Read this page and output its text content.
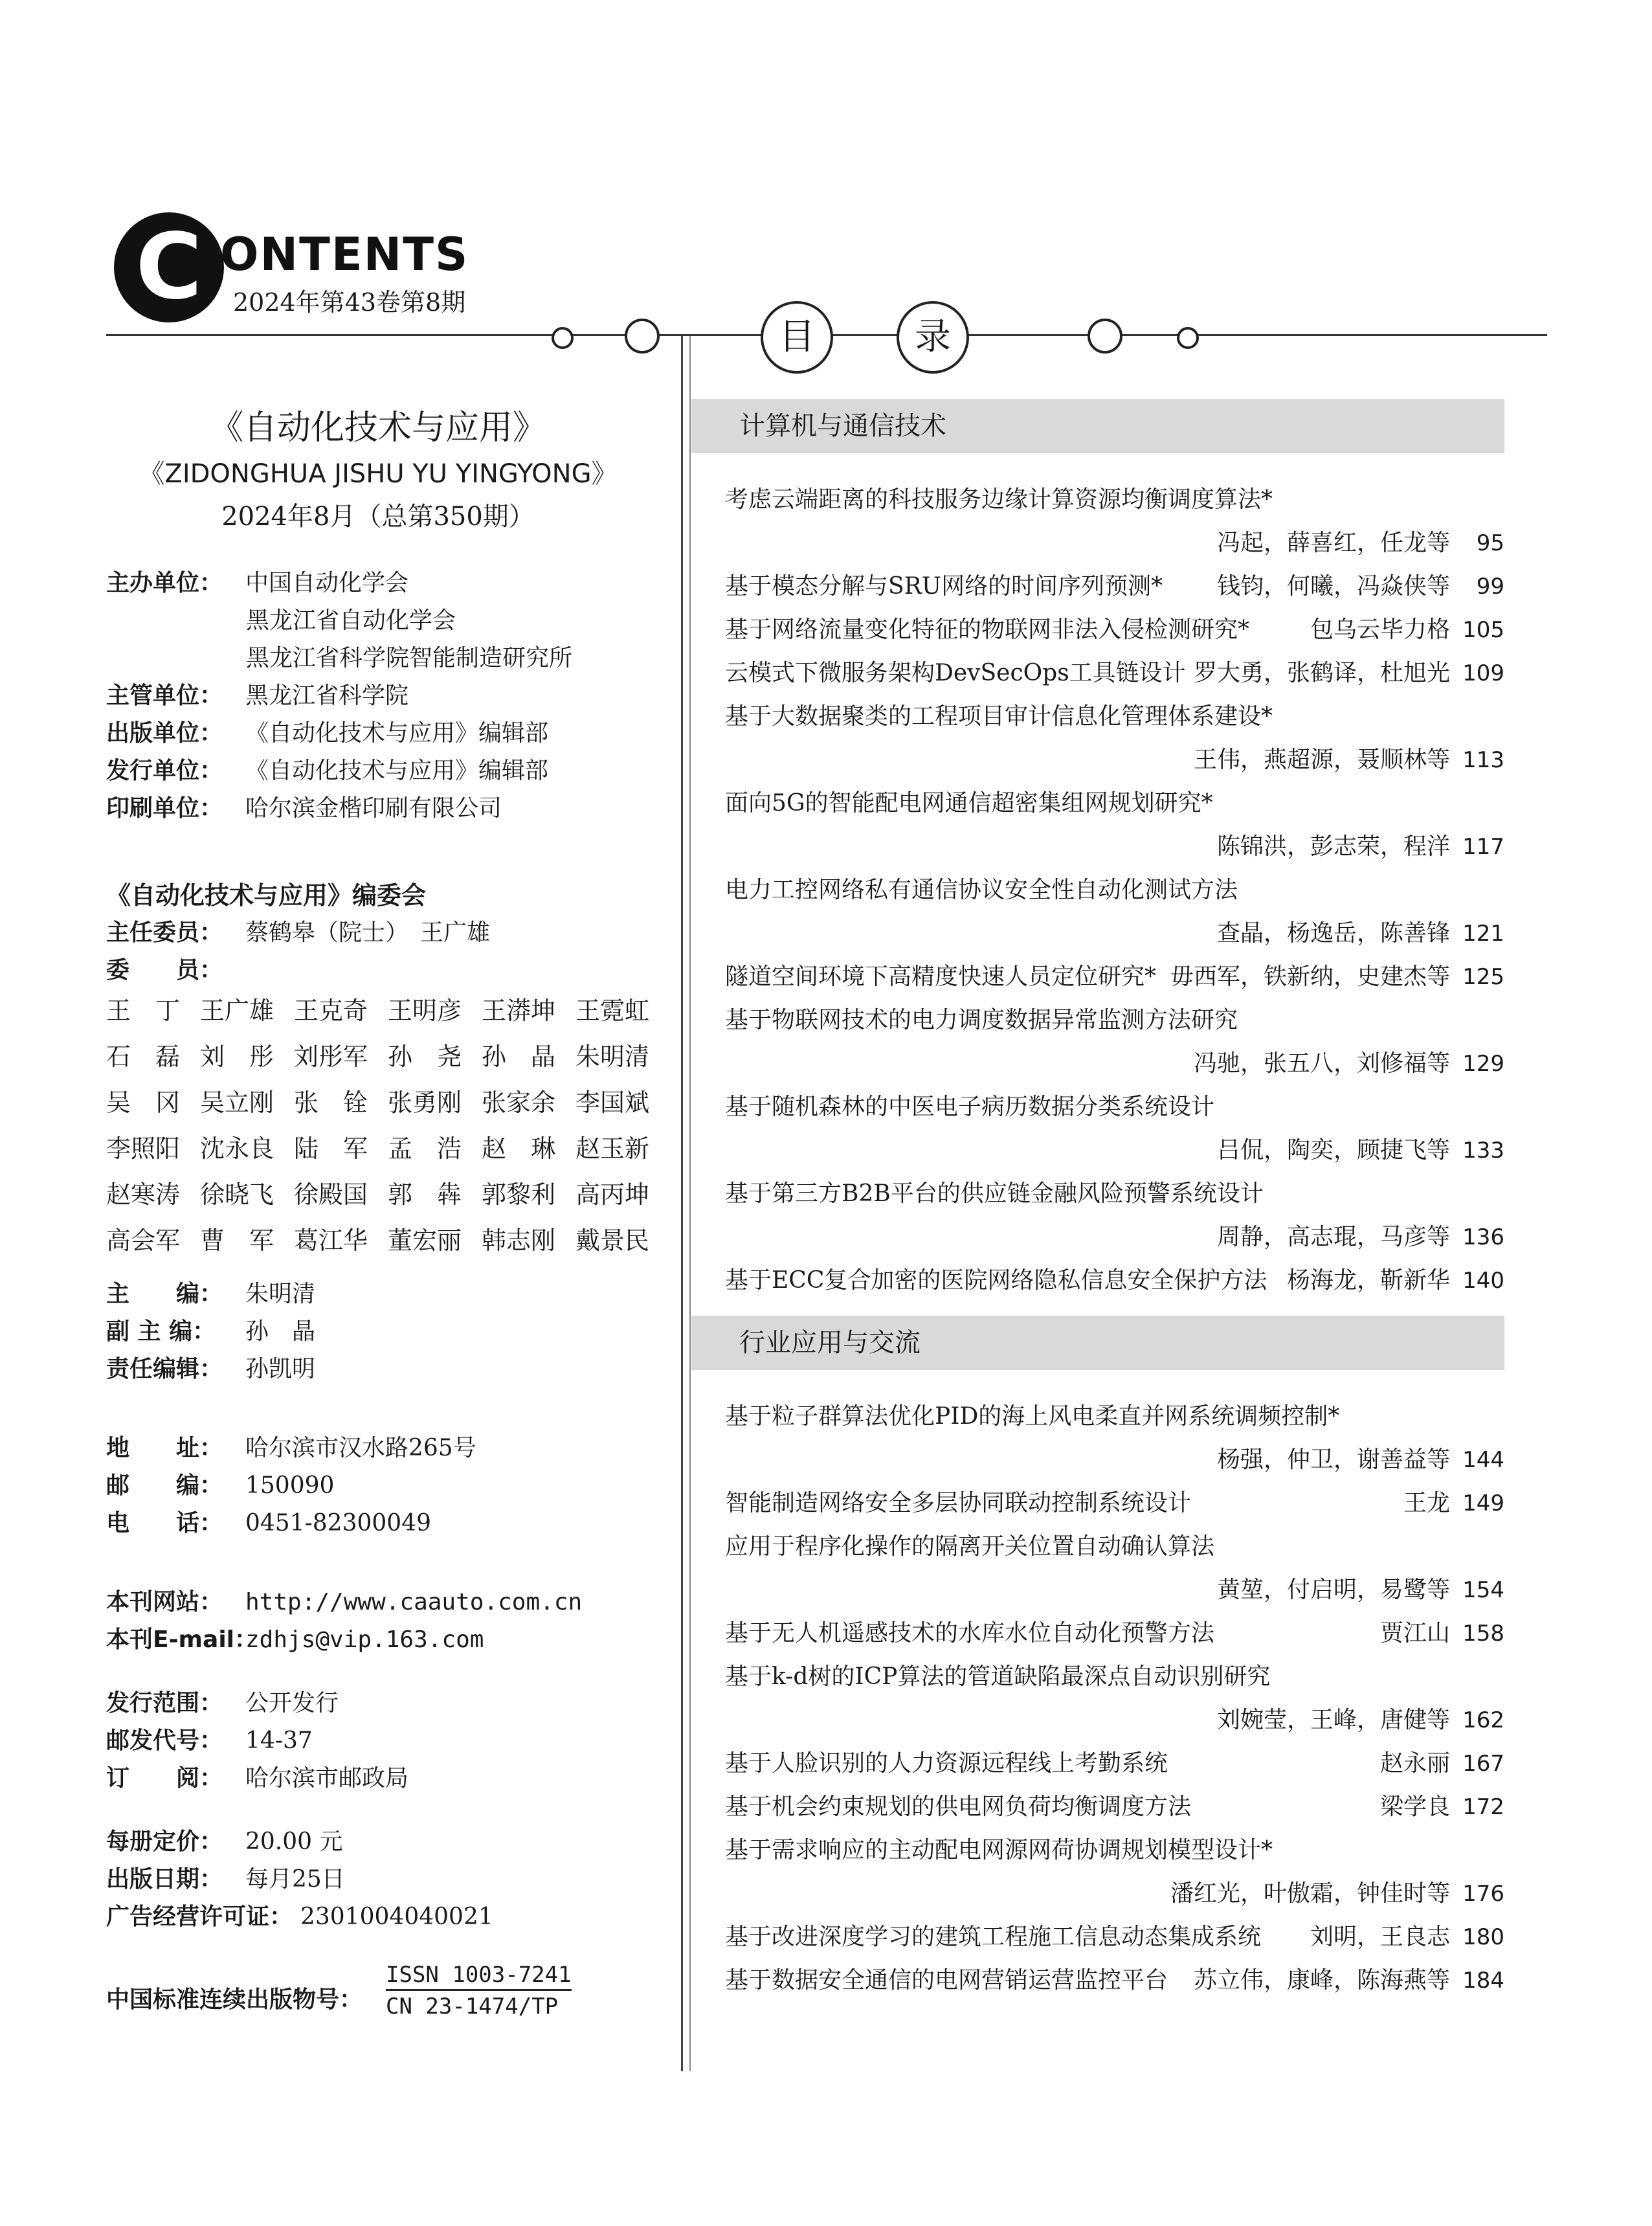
C ONTENTS
2024年第43卷第8期
目	录
《自动化技术与应用》
《ZIDONGHUA JISHU YU YINGYONG》
2024年8月（总第350期）
主办单位： 中国自动化学会
黑龙江省自动化学会
黑龙江省科学院智能制造研究所
主管单位： 黑龙江省科学院
出版单位： 《自动化技术与应用》编辑部
发行单位： 《自动化技术与应用》编辑部
印刷单位： 哈尔滨金楷印刷有限公司
《自动化技术与应用》编委会
主任委员： 蔡鹤皋（院士）　王广雄
委　　员：
王　丁 王广雄 王克奇 王明彦 王漭坤 王霓虹
石　磊 刘　彤 刘彤军 孙　尧 孙　晶 朱明清
吴　冈 吴立刚 张　铨 张勇刚 张家余 李国斌
李照阳 沈永良 陆　军 孟　浩 赵　琳 赵玉新
赵寒涛 徐晓飞 徐殿国 郭　犇 郭黎利 高丙坤
高会军 曹　军 葛江华 董宏丽 韩志刚 戴景民
主　　编： 朱明清
副 主 编： 孙　晶
责任编辑： 孙凯明
地　　址： 哈尔滨市汉水路265号
邮　　编： 150090
电　　话： 0451-82300049
本刊网站： http://www.caauto.com.cn
本刊E-mail：zdhjs@vip.163.com
发行范围： 公开发行
邮发代号： 14-37
订　　阅： 哈尔滨市邮政局
每册定价： 20.00 元
出版日期： 每月25日
广告经营许可证： 2301004040021
中国标准连续出版物号：
ISSN 1003-7241
CN 23-1474/TP
计算机与通信技术
考虑云端距离的科技服务边缘计算资源均衡调度算法*
冯起，薛喜红，任龙等 95
基于模态分解与SRU网络的时间序列预测* 钱钧，何曦，冯焱侠等 99
基于网络流量变化特征的物联网非法入侵检测研究*	包乌云毕力格 105
云模式下微服务架构DevSecOps工具链设计 罗大勇，张鹤译，杜旭光 109
基于大数据聚类的工程项目审计信息化管理体系建设*
王伟，燕超源，聂顺林等 113
面向5G的智能配电网通信超密集组网规划研究*
陈锦洪，彭志荣，程洋 117
电力工控网络私有通信协议安全性自动化测试方法
查晶，杨逸岳，陈善锋 121
隧道空间环境下高精度快速人员定位研究* 毋西军，铁新纳，史建杰等 125
基于物联网技术的电力调度数据异常监测方法研究
冯驰，张五八，刘修福等 129
基于随机森林的中医电子病历数据分类系统设计
吕侃，陶奕，顾捷飞等 133
基于第三方B2B平台的供应链金融风险预警系统设计
周静，高志琨，马彦等 136
基于ECC复合加密的医院网络隐私信息安全保护方法 杨海龙，靳新华 140
行业应用与交流
基于粒子群算法优化PID的海上风电柔直并网系统调频控制*
杨强，仲卫，谢善益等 144
智能制造网络安全多层协同联动控制系统设计	王龙 149
应用于程序化操作的隔离开关位置自动确认算法
黄堃，付启明，易鹭等 154
基于无人机遥感技术的水库水位自动化预警方法	贾江山 158
基于k-d树的ICP算法的管道缺陷最深点自动识别研究
刘婉莹，王峰，唐健等 162
基于人脸识别的人力资源远程线上考勤系统	赵永丽 167
基于机会约束规划的供电网负荷均衡调度方法	梁学良 172
基于需求响应的主动配电网源网荷协调规划模型设计*
潘红光，叶傲霜，钟佳时等 176
基于改进深度学习的建筑工程施工信息动态集成系统 刘明，王良志 180
基于数据安全通信的电网营销运营监控平台 苏立伟，康峰，陈海燕等 184
